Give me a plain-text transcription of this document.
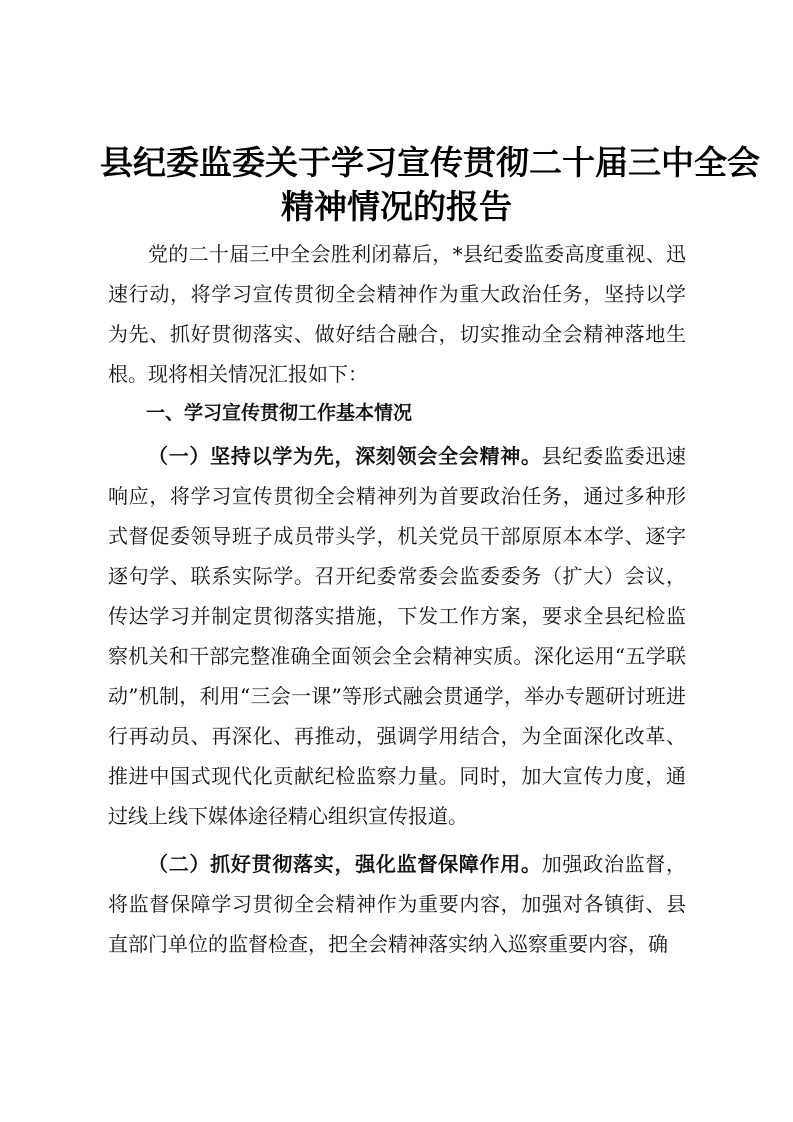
县纪委监委关于学习宣传贯彻二十届三中全会
精神情况的报告

党的二十届三中全会胜利闭幕后，*县纪委监委高度重视、迅速行动，将学习宣传贯彻全会精神作为重大政治任务，坚持以学为先、抓好贯彻落实、做好结合融合，切实推动全会精神落地生根。现将相关情况汇报如下：

一、学习宣传贯彻工作基本情况

（一）坚持以学为先，深刻领会全会精神。县纪委监委迅速响应，将学习宣传贯彻全会精神列为首要政治任务，通过多种形式督促委领导班子成员带头学，机关党员干部原原本本学、逐字逐句学、联系实际学。召开纪委常委会监委委务（扩大）会议，传达学习并制定贯彻落实措施，下发工作方案，要求全县纪检监察机关和干部完整准确全面领会全会精神实质。深化运用“五学联动”机制，利用“三会一课”等形式融会贯通学，举办专题研讨班进行再动员、再深化、再推动，强调学用结合，为全面深化改革、推进中国式现代化贡献纪检监察力量。同时，加大宣传力度，通过线上线下媒体途径精心组织宣传报道。

（二）抓好贯彻落实，强化监督保障作用。加强政治监督，将监督保障学习贯彻全会精神作为重要内容，加强对各镇街、县直部门单位的监督检查，把全会精神落实纳入巡察重要内容，确
